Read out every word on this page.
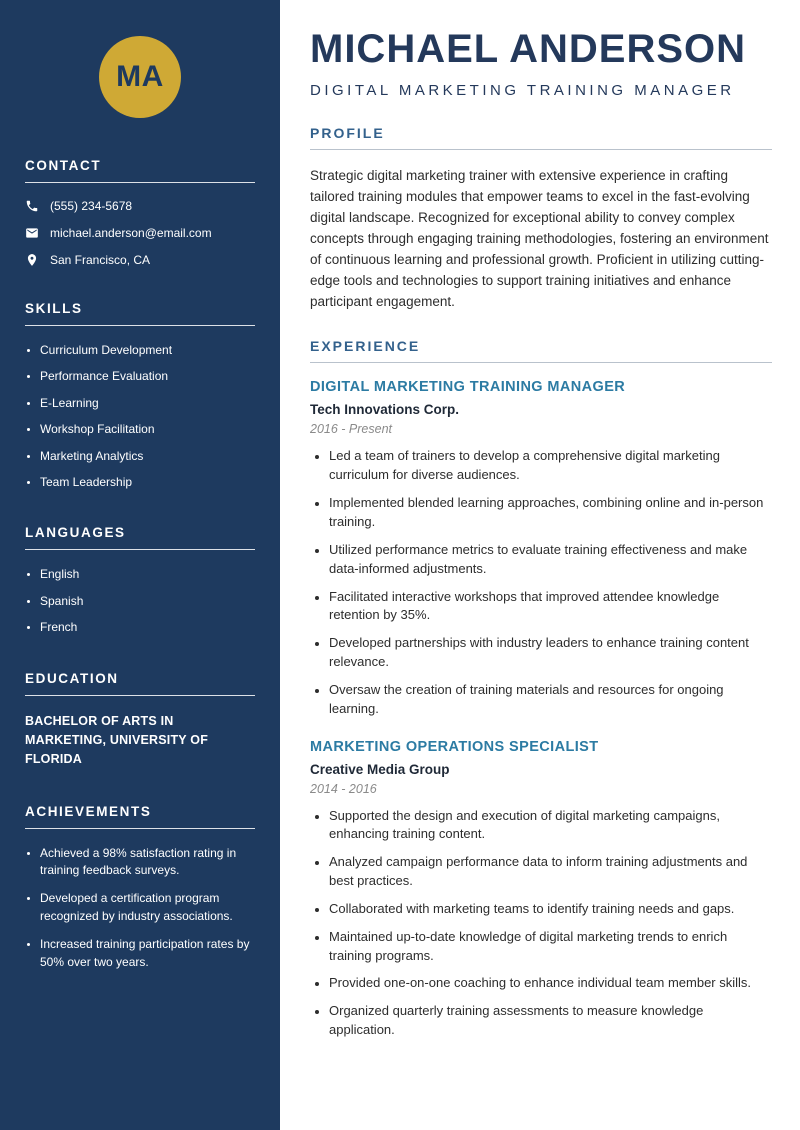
MA
CONTACT
(555) 234-5678
michael.anderson@email.com
San Francisco, CA
SKILLS
• Curriculum Development
• Performance Evaluation
• E-Learning
• Workshop Facilitation
• Marketing Analytics
• Team Leadership
LANGUAGES
• English
• Spanish
• French
EDUCATION
BACHELOR OF ARTS IN MARKETING, UNIVERSITY OF FLORIDA
ACHIEVEMENTS
• Achieved a 98% satisfaction rating in training feedback surveys.
• Developed a certification program recognized by industry associations.
• Increased training participation rates by 50% over two years.
MICHAEL ANDERSON
DIGITAL MARKETING TRAINING MANAGER
PROFILE

Strategic digital marketing trainer with extensive experience in crafting tailored training modules that empower teams to excel in the fast-evolving digital landscape. Recognized for exceptional ability to convey complex concepts through engaging training methodologies, fostering an environment of continuous learning and professional growth. Proficient in utilizing cutting-edge tools and technologies to support training initiatives and enhance participant engagement.

EXPERIENCE
DIGITAL MARKETING TRAINING MANAGER
Tech Innovations Corp.
2016 - Present
• Led a team of trainers to develop a comprehensive digital marketing curriculum for diverse audiences.
• Implemented blended learning approaches, combining online and in-person training.
• Utilized performance metrics to evaluate training effectiveness and make data-informed adjustments.
• Facilitated interactive workshops that improved attendee knowledge retention by 35%.
• Developed partnerships with industry leaders to enhance training content relevance.
• Oversaw the creation of training materials and resources for ongoing learning.
MARKETING OPERATIONS SPECIALIST
Creative Media Group
2014 - 2016
• Supported the design and execution of digital marketing campaigns, enhancing training content.
• Analyzed campaign performance data to inform training adjustments and best practices.
• Collaborated with marketing teams to identify training needs and gaps.
• Maintained up-to-date knowledge of digital marketing trends to enrich training programs.
• Provided one-on-one coaching to enhance individual team member skills.
• Organized quarterly training assessments to measure knowledge application.
